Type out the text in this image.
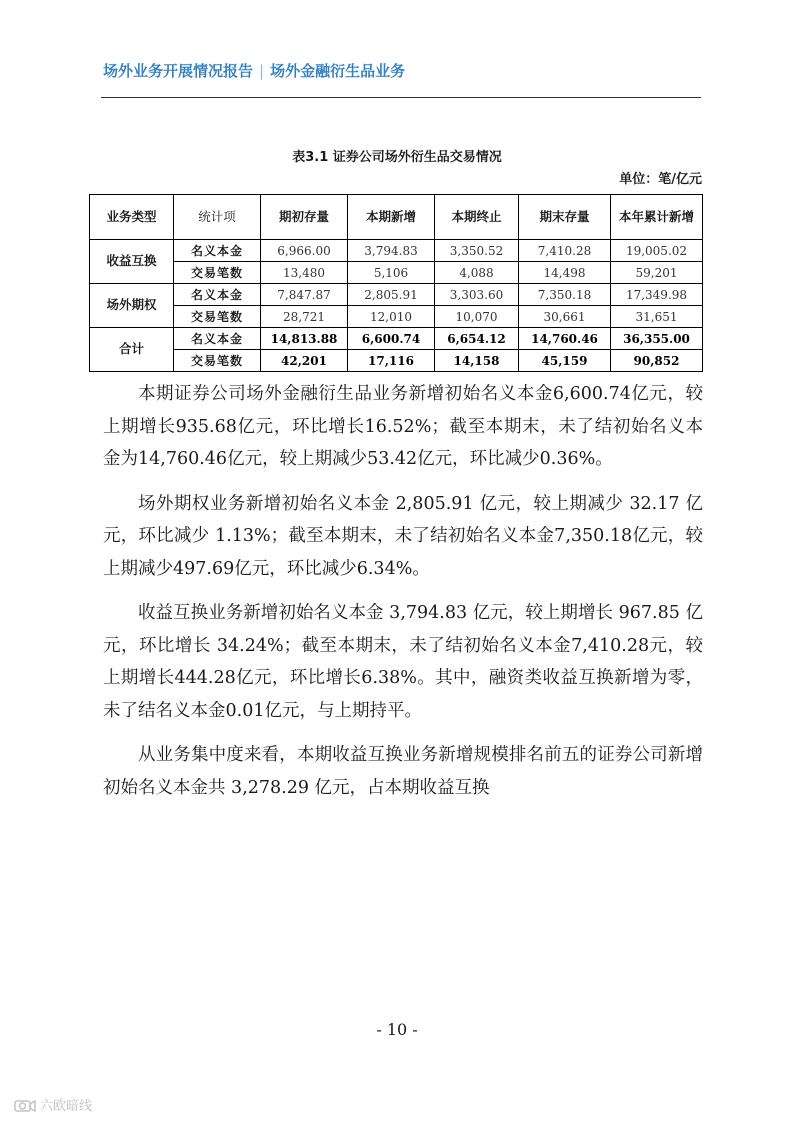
场外业务开展情况报告 | 场外金融衍生品业务
表3.1 证券公司场外衍生品交易情况
单位：笔/亿元
业务类型	统计项	期初存量	本期新增	本期终止	期末存量	本年累计新增
收益互换	名义本金	6,966.00	3,794.83	3,350.52	7,410.28	19,005.02
	交易笔数	13,480	5,106	4,088	14,498	59,201
场外期权	名义本金	7,847.87	2,805.91	3,303.60	7,350.18	17,349.98
	交易笔数	28,721	12,010	10,070	30,661	31,651
合计	名义本金	14,813.88	6,600.74	6,654.12	14,760.46	36,355.00
	交易笔数	42,201	17,116	14,158	45,159	90,852

本期证券公司场外金融衍生品业务新增初始名义本金6,600.74亿元，较上期增长935.68亿元，环比增长16.52%；截至本期末，未了结初始名义本金为14,760.46亿元，较上期减少53.42亿元，环比减少0.36%。

场外期权业务新增初始名义本金 2,805.91 亿元，较上期减少 32.17 亿元，环比减少 1.13%；截至本期末，未了结初始名义本金7,350.18亿元，较上期减少497.69亿元，环比减少6.34%。

收益互换业务新增初始名义本金 3,794.83 亿元，较上期增长 967.85 亿元，环比增长 34.24%；截至本期末，未了结初始名义本金7,410.28元，较上期增长444.28亿元，环比增长6.38%。其中，融资类收益互换新增为零，未了结名义本金0.01亿元，与上期持平。

从业务集中度来看，本期收益互换业务新增规模排名前五的证券公司新增初始名义本金共 3,278.29 亿元，占本期收益互换

- 10 -
六欧暗线
